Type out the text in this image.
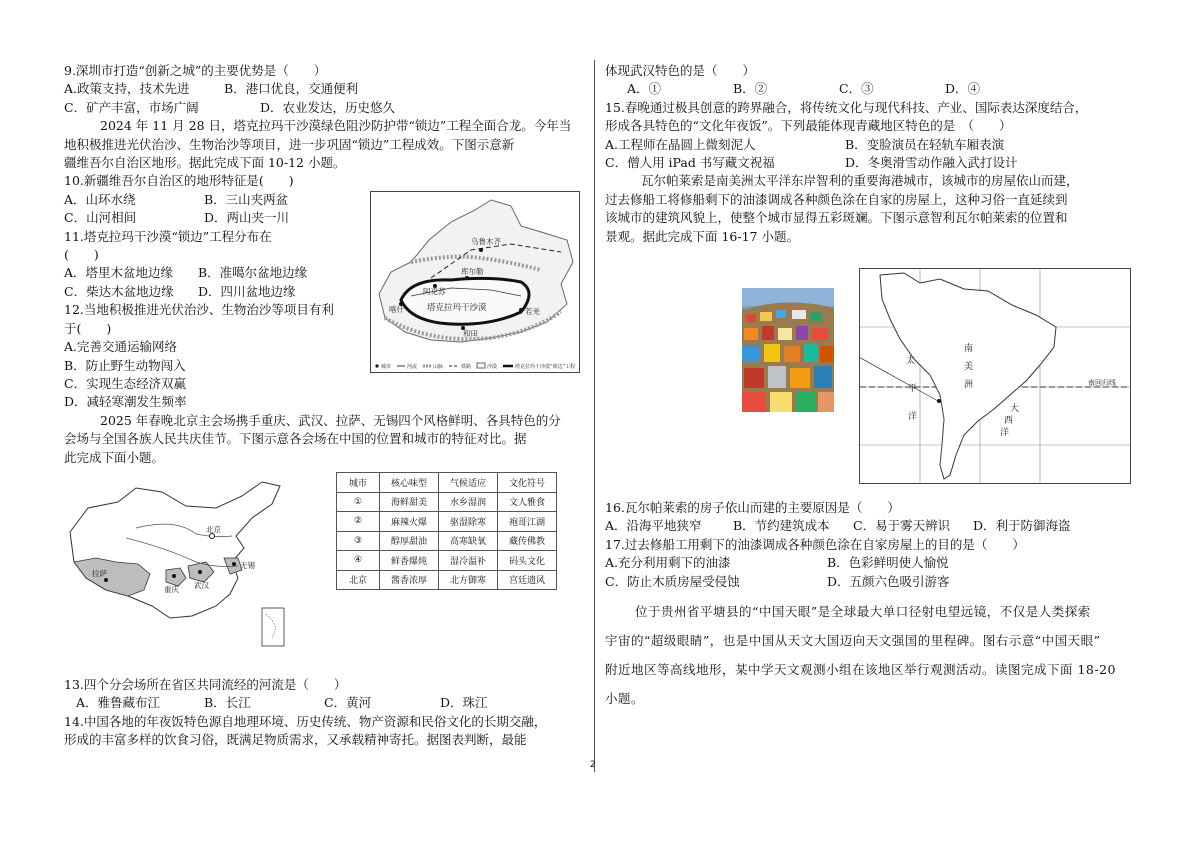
9.深圳市打造“创新之城”的主要优势是（　　）
A.政策支持，技术先进	B．港口优良，交通便利
C．矿产丰富，市场广阔	D．农业发达，历史悠久
2024 年 11 月 28 日，塔克拉玛干沙漠绿色阻沙防护带“锁边”工程全面合龙。今年当
地积极推进光伏治沙、生物治沙等项目，进一步巩固“锁边”工程成效。下图示意新
疆维吾尔自治区地形。据此完成下面 10-12 小题。
10.新疆维吾尔自治区的地形特征是(　　)
A．山环水绕	B．三山夹两盆
C．山河相间	D．两山夹一川
11.塔克拉玛干沙漠“锁边”工程分布在
(　　)
A．塔里木盆地边缘	B．准噶尔盆地边缘
C．柴达木盆地边缘	D．四川盆地边缘
12.当地积极推进光伏治沙、生物治沙等项目有利
于(　　)
A.完善交通运输网络
B．防止野生动物闯入
C．实现生态经济双赢
D．减轻寒潮发生频率
2025 年春晚北京主会场携手重庆、武汉、拉萨、无锡四个风格鲜明、各具特色的分
会场与全国各族人民共庆佳节。下图示意各会场在中国的位置和城市的特征对比。据
此完成下面小题。
乌鲁木齐
库尔勒
阿克苏
喀什
和田
若羌
塔克拉玛干沙漠
城市	河流	山脉	铁路	沙漠	塔克拉玛干沙漠“锁边”工程
拉萨
重庆 武汉
无锡
北京
城市	核心味型	气候适应	文化符号
①	海鲜甜美	水乡湿润	文人雅食
②	麻辣火爆	驱湿除寒	袍哥江湖
③	醇厚甜油	高寒缺氧	藏传佛教
④	鲜香爆炖	湿冷温补	码头文化
北京	酱香浓厚	北方御寒	宫廷遗风
13.四个分会场所在省区共同流经的河流是（　　）
A．雅鲁藏布江	B．长江	C．黄河	D．珠江
14.中国各地的年夜饭特色源自地理环境、历史传统、物产资源和民俗文化的长期交融，
形成的丰富多样的饮食习俗，既满足物质需求，又承载精神寄托。据图表判断，最能
体现武汉特色的是（　　）
A．①	B．②	C．③	D．④
15.春晚通过极具创意的跨界融合，将传统文化与现代科技、产业、国际表达深度结合，
形成各具特色的“文化年夜饭”。下列最能体现青藏地区特色的是　（　　）
A.工程师在晶圆上微刻泥人	B．变脸演员在轻轨车厢表演
C．僧人用 iPad 书写藏文祝福	D．冬奥滑雪动作融入武打设计
瓦尔帕莱索是南美洲太平洋东岸智利的重要海港城市，该城市的房屋依山而建，
过去修船工将修船剩下的油漆调成各种颜色涂在自家的房屋上，这种习俗一直延续到
该城市的建筑风貌上，使整个城市显得五彩斑斓。下图示意智利瓦尔帕莱索的位置和
景观。据此完成下面 16-17 小题。
太
平
洋
南
美
洲
大
西
洋
南回归线
16.瓦尔帕莱索的房子依山而建的主要原因是（　　）
A．沿海平地狭窄	B．节约建筑成本	C．易于雾天辨识	D．利于防御海盗
17.过去修船工用剩下的油漆调成各种颜色涂在自家房屋上的目的是（　　）
A.充分利用剩下的油漆	B．色彩鲜明使人愉悦
C．防止木质房屋受侵蚀	D．五颜六色吸引游客
位于贵州省平塘县的“中国天眼”是全球最大单口径射电望远镜，不仅是人类探索
宇宙的“超级眼睛”，也是中国从天文大国迈向天文强国的里程碑。图右示意“中国天眼”
附近地区等高线地形，某中学天文观测小组在该地区举行观测活动。读图完成下面 18-20
小题。
2
